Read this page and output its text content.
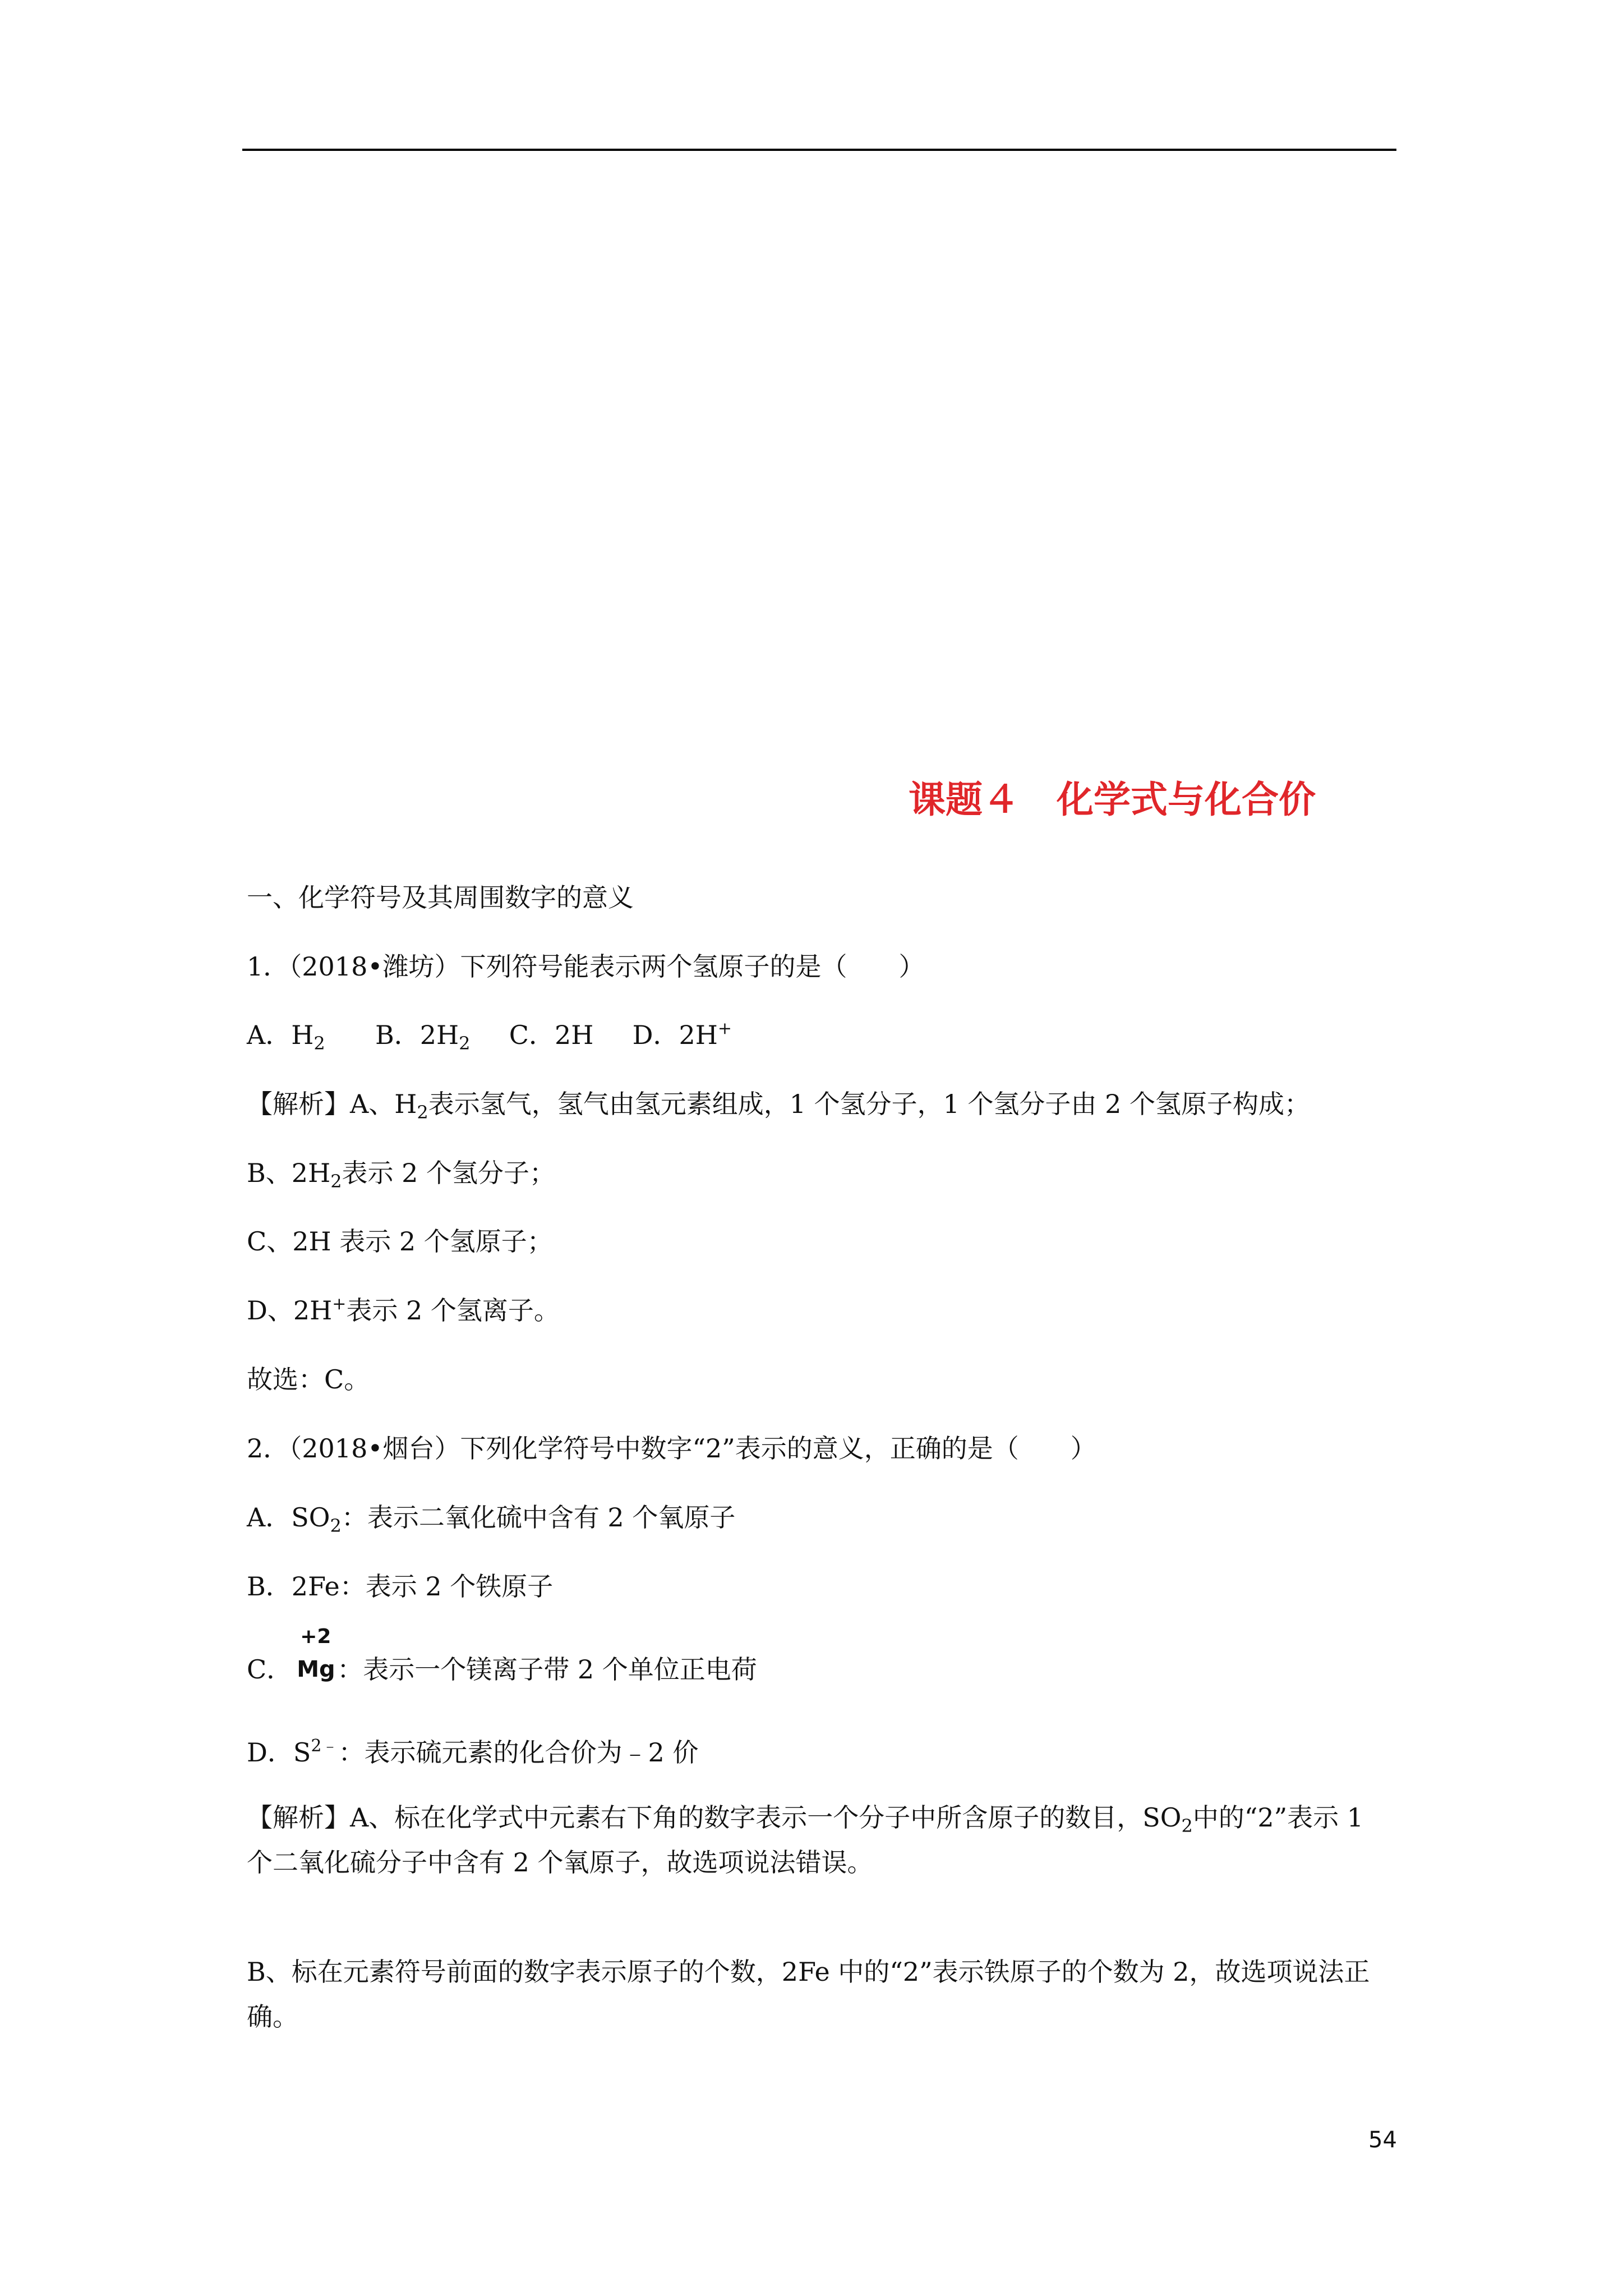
课题４　化学式与化合价
一、化学符号及其周围数字的意义
1．（2018•潍坊）下列符号能表示两个氢原子的是（　　）
A．$H_2$ B．$2H_2$ C．2H D．2H+
【解析】A、$H_2$表示氢气，氢气由氢元素组成，1 个氢分子，1 个氢分子由 2 个氢原子构成；
B、$2H_2$表示 2 个氢分子；
C、2H 表示 2 个氢原子；
D、2H+表示 2 个氢离子。
故选：C。
2．（2018•烟台）下列化学符号中数字“2”表示的意义，正确的是（　　）
A．$SO_2$：表示二氧化硫中含有 2 个氧原子
B．2Fe：表示 2 个铁原子
C．
+2
Mg ：表示一个镁离子带 2 个单位正电荷
D．$S^{2﹣}$：表示硫元素的化合价为﹣2 价
【解析】A、标在化学式中元素右下角的数字表示一个分子中所含原子的数目，$SO_2$中的“2”表示 1 个二氧化硫分子中含有 2 个氧原子，故选项说法错误。
B、标在元素符号前面的数字表示原子的个数，2Fe 中的“2”表示铁原子的个数为 2，故选项说法正确。
54
